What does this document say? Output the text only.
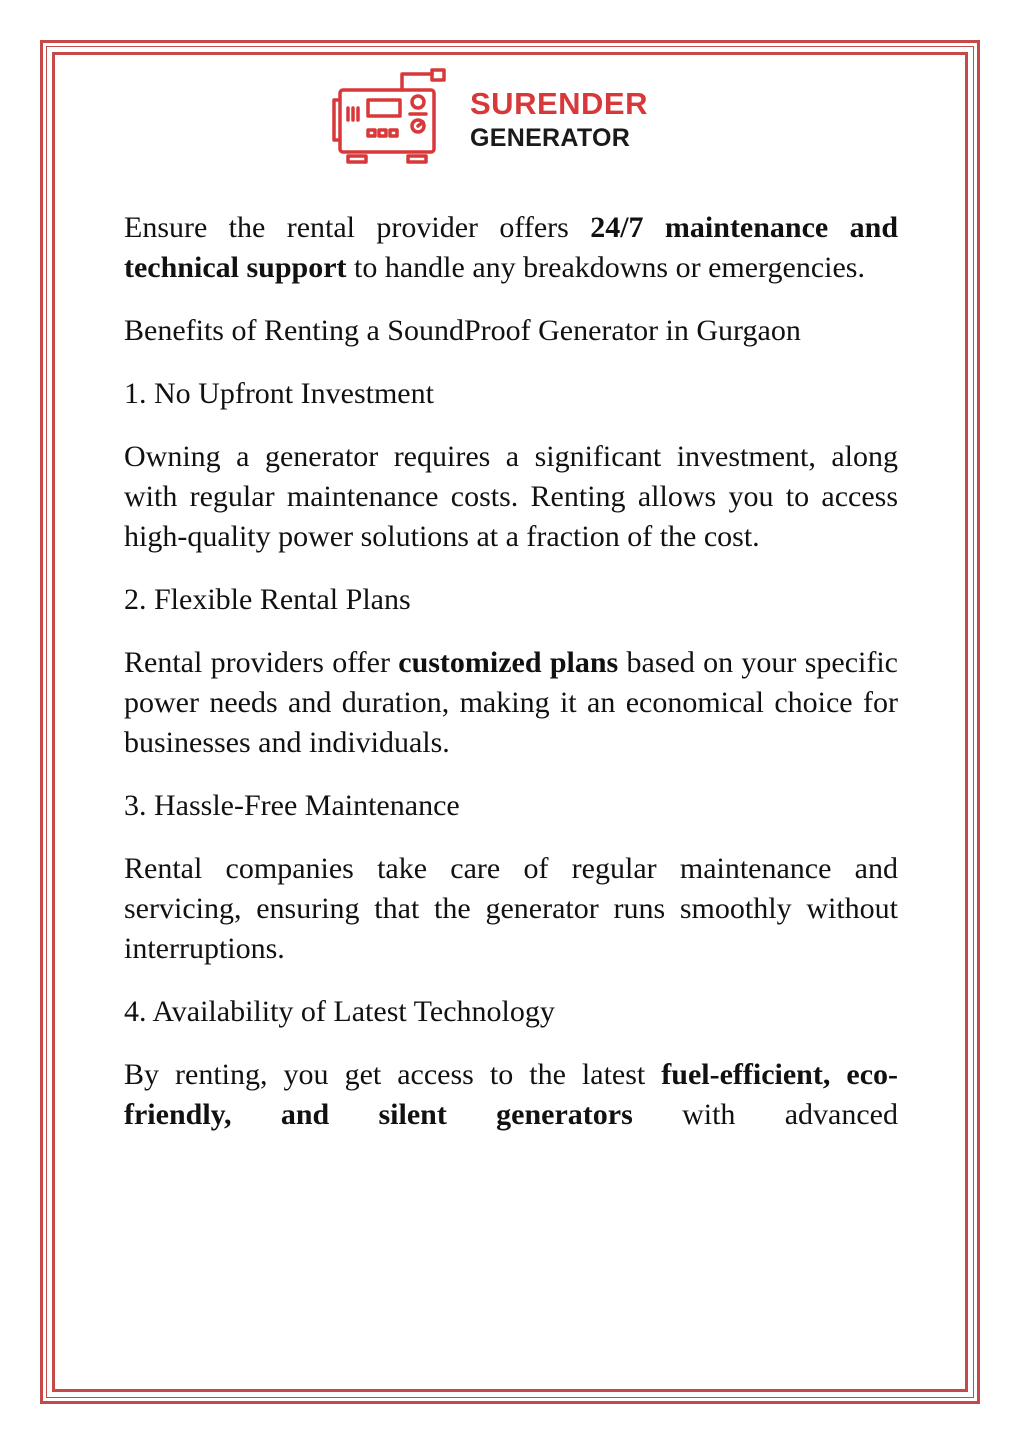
SURENDER
GENERATOR

Ensure the rental provider offers 24/7 maintenance and technical support to handle any breakdowns or emergencies.

Benefits of Renting a SoundProof Generator in Gurgaon

1. No Upfront Investment

Owning a generator requires a significant investment, along with regular maintenance costs. Renting allows you to access high-quality power solutions at a fraction of the cost.

2. Flexible Rental Plans

Rental providers offer customized plans based on your specific power needs and duration, making it an economical choice for businesses and individuals.

3. Hassle-Free Maintenance

Rental companies take care of regular maintenance and servicing, ensuring that the generator runs smoothly without interruptions.

4. Availability of Latest Technology

By renting, you get access to the latest fuel-efficient, eco-friendly, and silent generators with advanced
